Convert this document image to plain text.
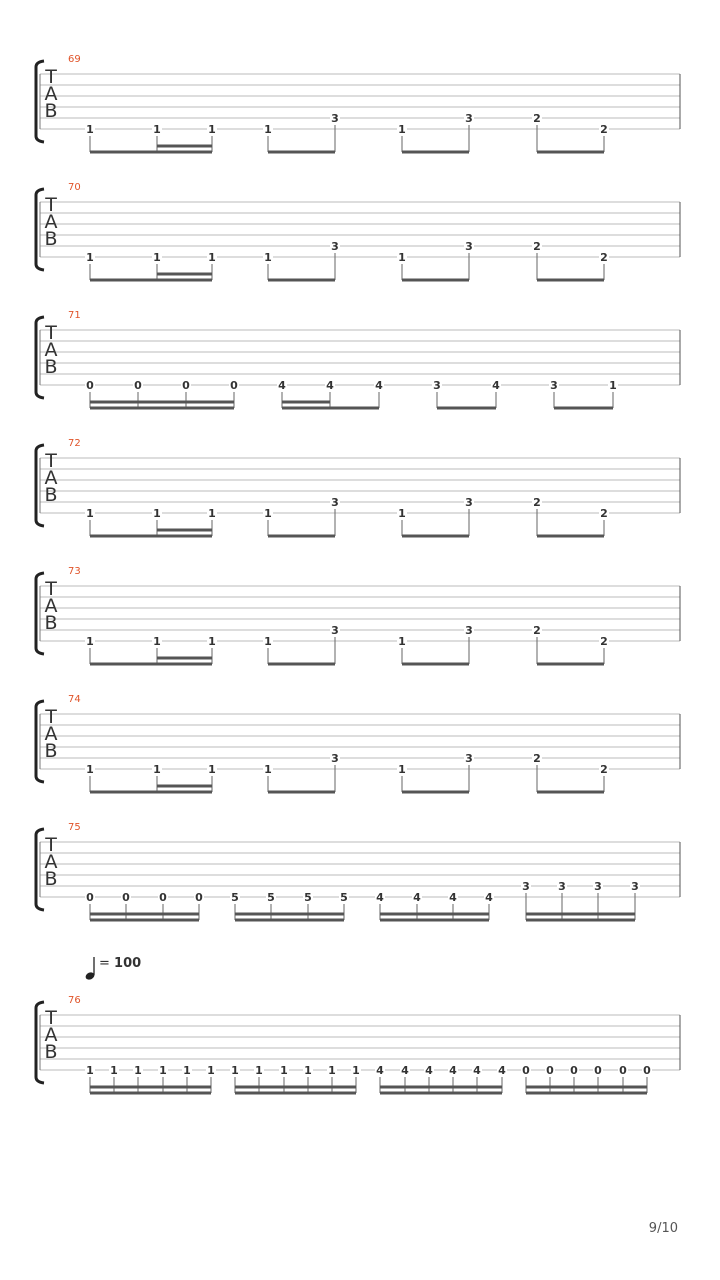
T
A
B
69
1	1	1	1
3
1
3	2
2
T
A
B
70
1	1	1	1
3
1
3	2
2
T
A
B
71
0	0	0	0	4	4	4	3	4	3	1
T
A
B
72
1	1	1	1
3
1
3	2
2
T
A
B
73
1	1	1	1
3
1
3	2
2
T
A
B
74
1	1	1	1
3
1
3	2
2
T
A
B
75
0	0	0	0	5	5	5	5	4	4	4	4
3	3	3	3
T
A
B
76
= 100
1 1 1 1 1 1 1 1 1 1 1 1 4 4 4 4 4 4 0 0 0 0 0 0
9/10
